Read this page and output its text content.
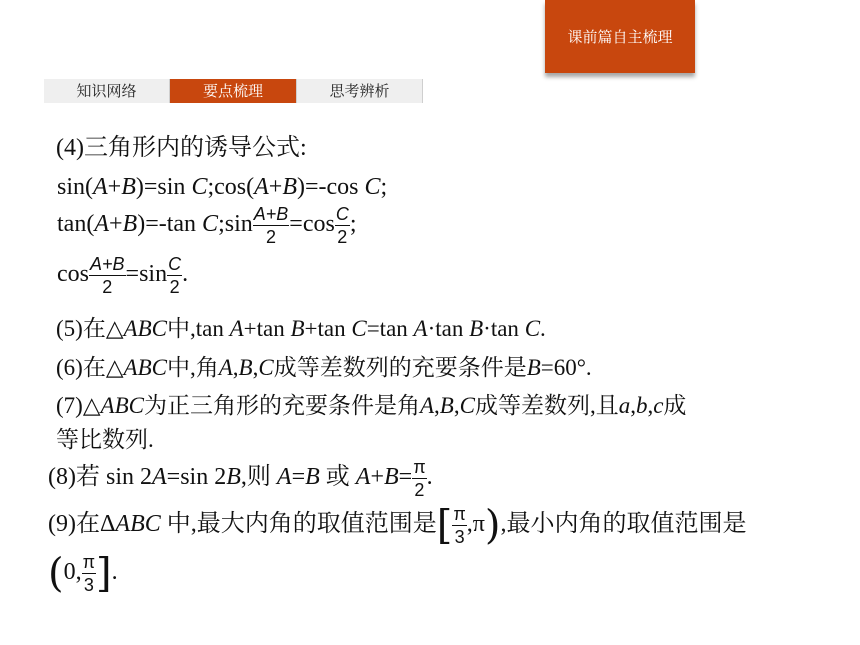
课前篇自主梳理
知识网络	要点梳理	思考辨析
(4)三角形内的诱导公式:
sin(A+B)=sin C;cos(A+B)=-cos C;
tan(A+B)=-tan C;sin $\frac{A+B}{2} =\cos \frac{C}{2}$ ;
$\cos \frac{A+B}{2} =\sin \frac{C}{2}$ .
(5)在△ABC中,tan A+tan B+tan C=tan A·tan B·tan C.
(6)在△ABC中,角A,B,C成等差数列的充要条件是B=60°.
(7)△ABC为正三角形的充要条件是角A,B,C成等差数列,且a,b,c成
等比数列.
(8)若 sin 2A=sin 2B,则 A=B 或 $A+B= \frac{\pi}{2}$ .
(9)在ΔABC 中,最大内角的取值范围是[ $\frac{\pi}{3} ,\pi$),最小内角的取值范围是
(0, $\frac{\pi}{3}$ ].
